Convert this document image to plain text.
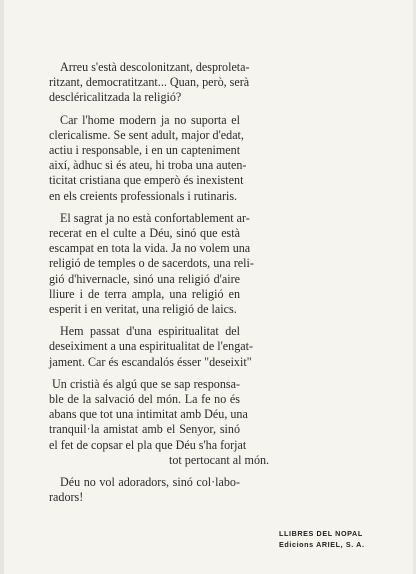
Arreu s'està descolonitzant, desproleta-
ritzant, democratitzant... Quan, però, serà
descléricalitzada la religió?

Car l'home modern ja no suporta el
clericalisme. Se sent adult, major d'edat,
actiu i responsable, i en un capteniment
així, àdhuc si és ateu, hi troba una auten-
ticitat cristiana que emperò és inexistent
en els creients professionals i rutinaris.

El sagrat ja no està confortablement ar-
recerat en el culte a Déu, sinó que està
escampat en tota la vida. Ja no volem una
religió de temples o de sacerdots, una reli-
gió d'hivernacle, sinó una religió d'aire
lliure i de terra ampla, una religió en
esperit i en veritat, una religió de laics.

Hem passat d'una espiritualitat del
deseiximent a una espiritualitat de l'engat-
jament. Car és escandalós ésser "deseixit"

Un cristià és algú que se sap responsa-
ble de la salvació del món. La fe no és
abans que tot una intimitat amb Déu, una
tranquil·la amistat amb el Senyor, sinó
el fet de copsar el pla que Déu s'ha forjat
tot pertocant al món.

Déu no vol adoradors, sinó col·labo-
radors!

LLIBRES DEL NOPAL
Edicions ARIEL, S. A.
